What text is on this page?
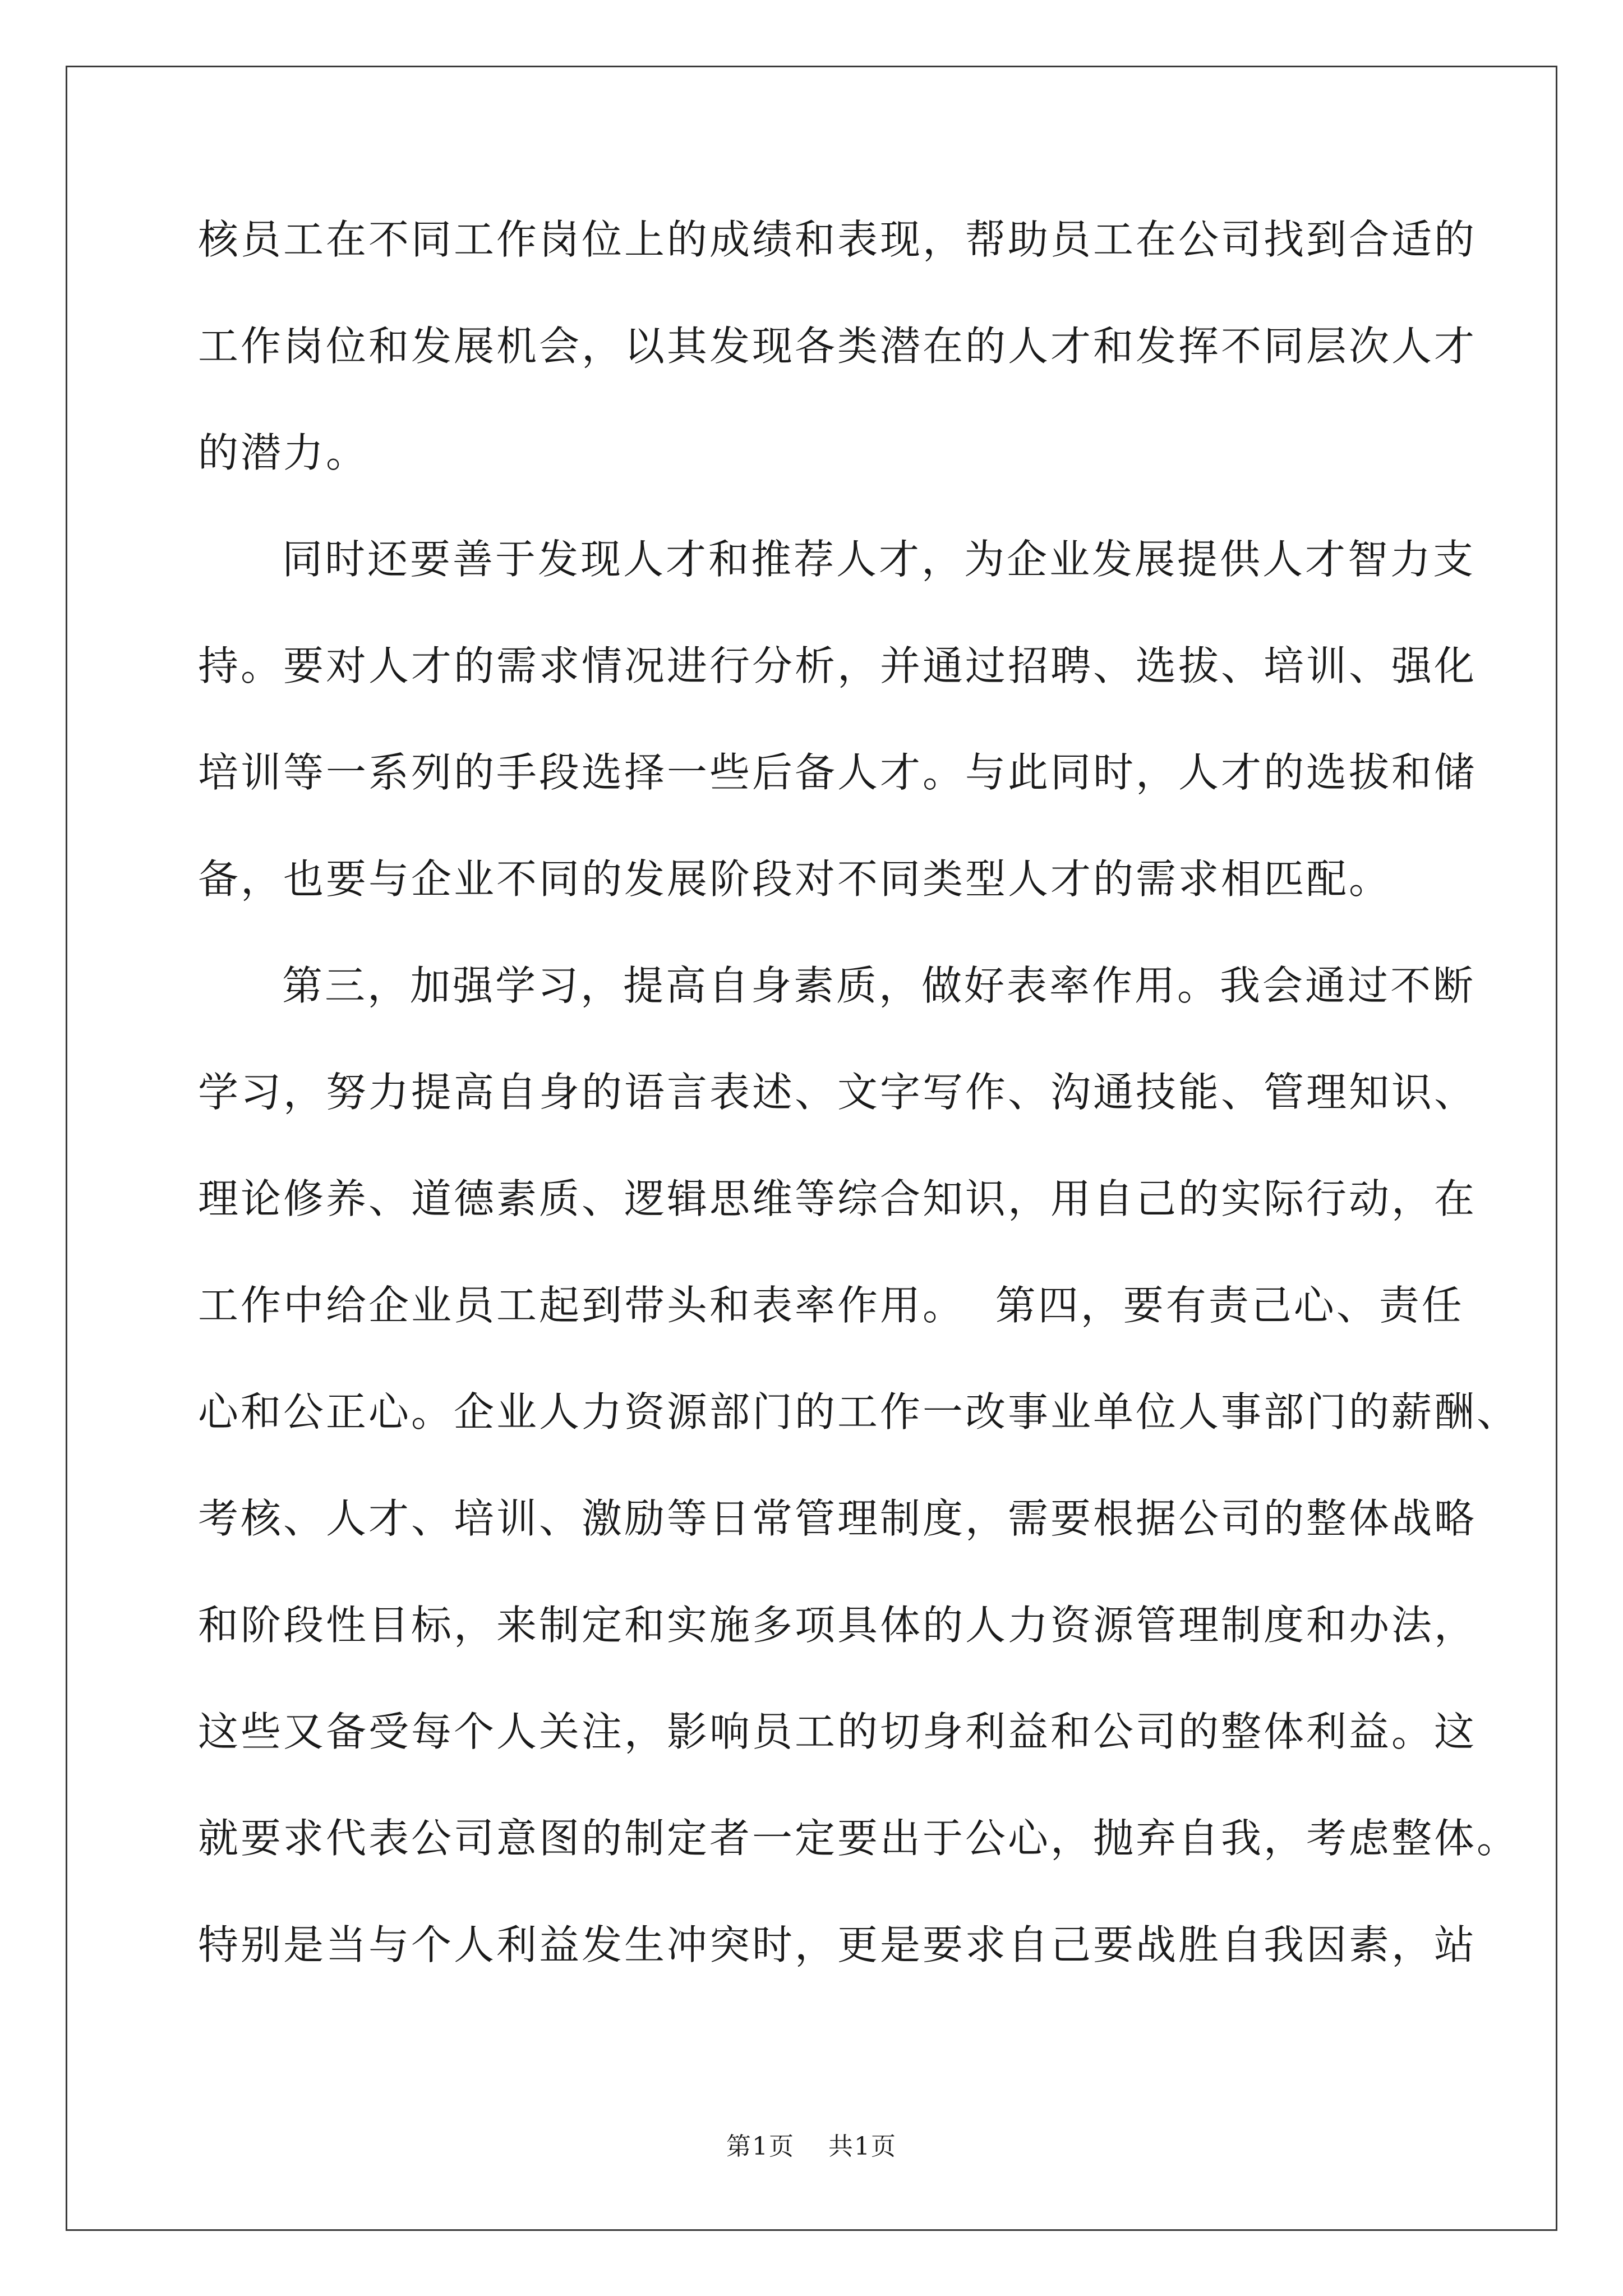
核员工在不同工作岗位上的成绩和表现，帮助员工在公司找到合适的
工作岗位和发展机会，以其发现各类潜在的人才和发挥不同层次人才
的潜力。
同时还要善于发现人才和推荐人才，为企业发展提供人才智力支
持。要对人才的需求情况进行分析，并通过招聘、选拔、培训、强化
培训等一系列的手段选择一些后备人才。与此同时，人才的选拔和储
备，也要与企业不同的发展阶段对不同类型人才的需求相匹配。
第三，加强学习，提高自身素质，做好表率作用。我会通过不断
学习，努力提高自身的语言表述、文字写作、沟通技能、管理知识、
理论修养、道德素质、逻辑思维等综合知识，用自己的实际行动，在
工作中给企业员工起到带头和表率作用。  第四，要有责己心、责任
心和公正心。企业人力资源部门的工作一改事业单位人事部门的薪酬、
考核、人才、培训、激励等日常管理制度，需要根据公司的整体战略
和阶段性目标，来制定和实施多项具体的人力资源管理制度和办法，
这些又备受每个人关注，影响员工的切身利益和公司的整体利益。这
就要求代表公司意图的制定者一定要出于公心，抛弃自我，考虑整体。
特别是当与个人利益发生冲突时，更是要求自己要战胜自我因素，站
第1页 共1页
